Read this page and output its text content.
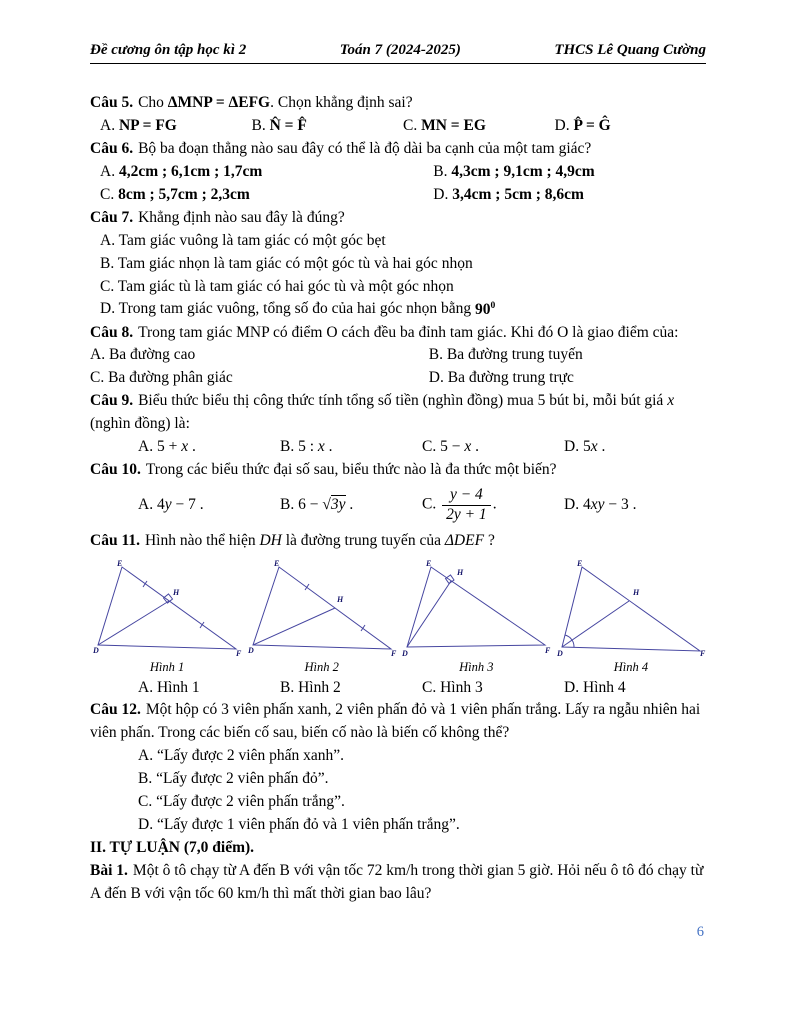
Đề cương ôn tập học kì 2	Toán 7 (2024-2025)	THCS Lê Quang Cường

Câu 5. Cho ΔMNP = ΔEFG. Chọn khẳng định sai?

A. NP = FG	B. N̂ = F̂	C. MN = EG	D. P̂ = Ĝ

Câu 6. Bộ ba đoạn thẳng nào sau đây có thể là độ dài ba cạnh của một tam giác?

A. 4,2cm ; 6,1cm ; 1,7cm	B. 4,3cm ; 9,1cm ; 4,9cm
C. 8cm ; 5,7cm ; 2,3cm	D. 3,4cm ; 5cm ; 8,6cm

Câu 7. Khẳng định nào sau đây là đúng?

A. Tam giác vuông là tam giác có một góc bẹt
B. Tam giác nhọn là tam giác có một góc tù và hai góc nhọn
C. Tam giác tù là tam giác có hai góc tù và một góc nhọn
D. Trong tam giác vuông, tổng số đo của hai góc nhọn bằng $90^0$

Câu 8. Trong tam giác MNP có điểm O cách đều ba đỉnh tam giác. Khi đó O là giao điểm của:

A. Ba đường cao	B. Ba đường trung tuyến
C. Ba đường phân giác	D. Ba đường trung trực

Câu 9. Biểu thức biểu thị công thức tính tổng số tiền (nghìn đồng) mua 5 bút bi, mỗi bút giá x (nghìn đồng) là:

A. 5 + x .	B. 5 : x .	C. 5 − x .	D. 5x .

Câu 10. Trong các biểu thức đại số sau, biểu thức nào là đa thức một biến?

A. 4y − 7 .	B. 6 − √3y .	C. $\frac{y - 4}{2y + 1}$ .	D. 4xy − 3 .

Câu 11. Hình nào thể hiện DH là đường trung tuyến của ΔDEF ?

E
D	F
H
Hình 1
E
D	F
H
Hình 2
E
D	F
H
Hình 3
E
D	F
H
Hình 4
A. Hình 1	B. Hình 2	C. Hình 3	D. Hình 4

Câu 12. Một hộp có 3 viên phấn xanh, 2 viên phấn đỏ và 1 viên phấn trắng. Lấy ra ngẫu nhiên hai viên phấn. Trong các biến cố sau, biến cố nào là biến cố không thể?

A. “Lấy được 2 viên phấn xanh”.
B. “Lấy được 2 viên phấn đỏ”.
C. “Lấy được 2 viên phấn trắng”.
D. “Lấy được 1 viên phấn đỏ và 1 viên phấn trắng”.

II. TỰ LUẬN (7,0 điểm).

Bài 1. Một ô tô chạy từ A đến B với vận tốc 72 km/h trong thời gian 5 giờ. Hỏi nếu ô tô đó chạy từ A đến B với vận tốc 60 km/h thì mất thời gian bao lâu?

6
